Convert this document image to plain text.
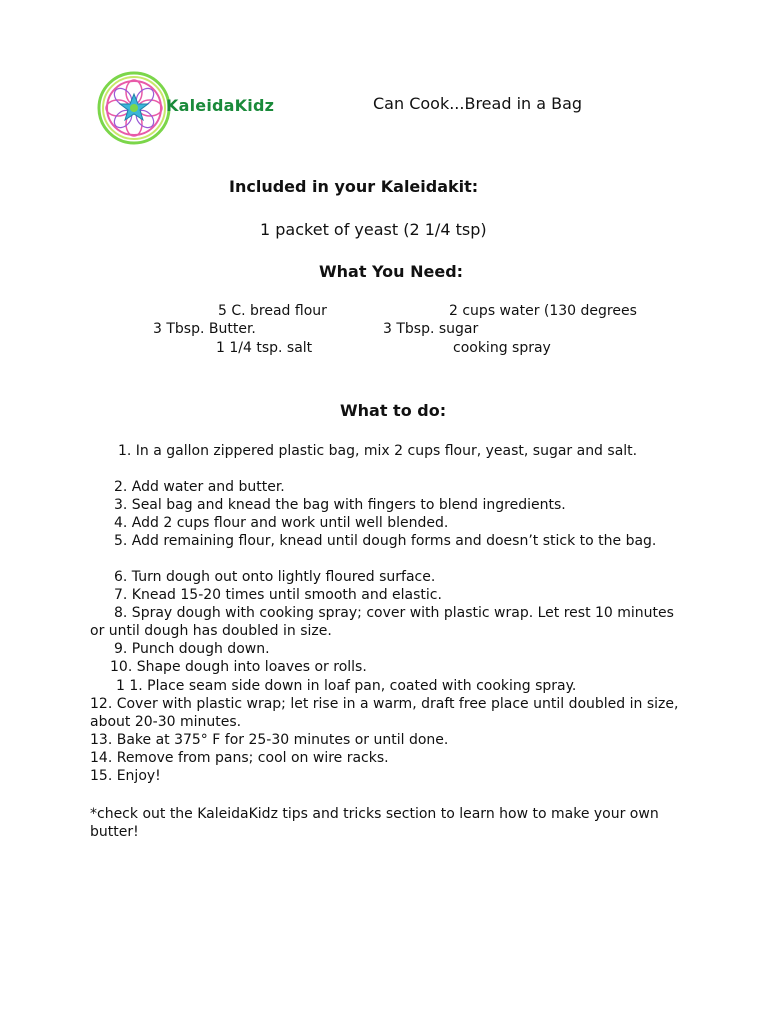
KaleidaKidz	Can Cook...Bread in a Bag
Included in your Kaleidakit:
1 packet of yeast (2 1/4 tsp)
What You Need:
5 C. bread flour	2 cups water (130 degrees
3 Tbsp. Butter.	3 Tbsp. sugar
1 1/4 tsp. salt	cooking spray
What to do:
1. In a gallon zippered plastic bag, mix 2 cups flour, yeast, sugar and salt.
2. Add water and butter.
3. Seal bag and knead the bag with fingers to blend ingredients.
4. Add 2 cups flour and work until well blended.
5. Add remaining flour, knead until dough forms and doesn’t stick to the bag.
6. Turn dough out onto lightly floured surface.
7. Knead 15-20 times until smooth and elastic.
8. Spray dough with cooking spray; cover with plastic wrap. Let rest 10 minutes or until dough has doubled in size.
9. Punch dough down.
10. Shape dough into loaves or rolls.
1 1. Place seam side down in loaf pan, coated with cooking spray.
12. Cover with plastic wrap; let rise in a warm, draft free place until doubled in size, about 20-30 minutes.
13. Bake at 375° F for 25-30 minutes or until done.
14. Remove from pans; cool on wire racks.
15. Enjoy!
*check out the KaleidaKidz tips and tricks section to learn how to make your own butter!
